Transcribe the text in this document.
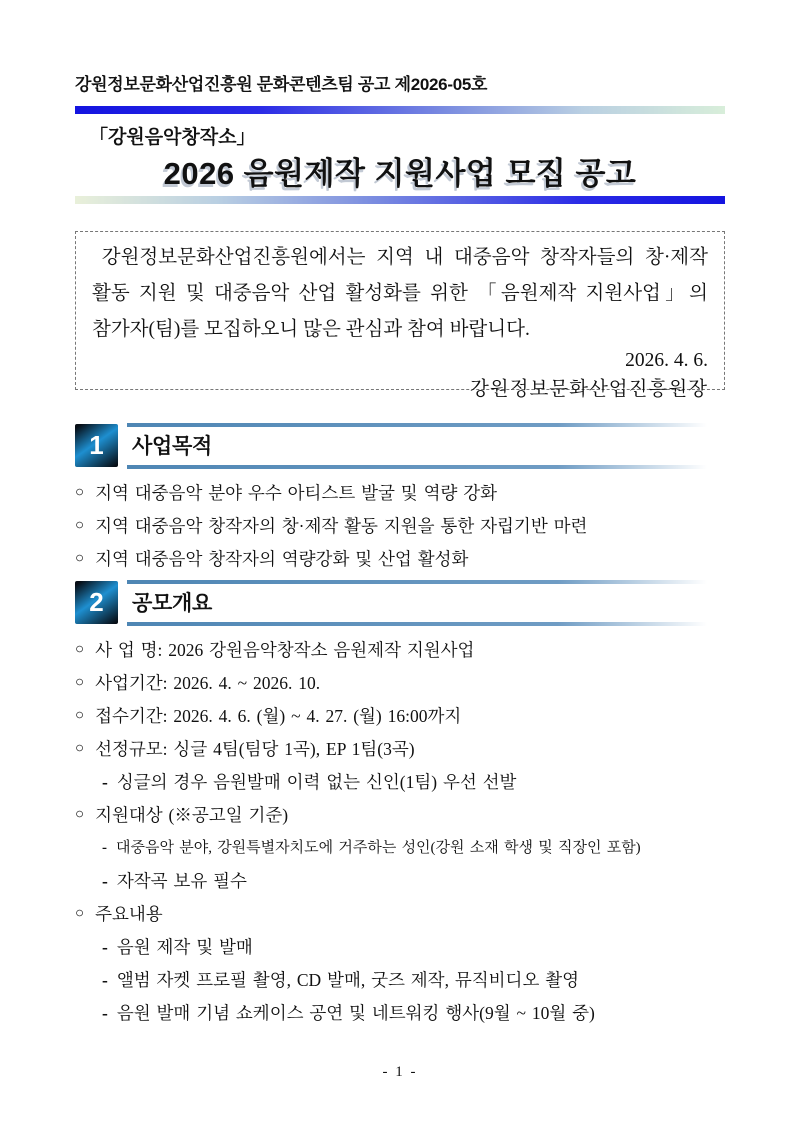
강원정보문화산업진흥원 문화콘텐츠팀 공고 제2026-05호
「강원음악창작소」
2026 음원제작 지원사업 모집 공고

강원정보문화산업진흥원에서는 지역 내 대중음악 창작자들의 창·제작 활동 지원 및 대중음악 산업 활성화를 위한 「음원제작 지원사업」의 참가자(팀)를 모집하오니 많은 관심과 참여 바랍니다.

2026. 4. 6.
강원정보문화산업진흥원장
1 사업목적
○ 지역 대중음악 분야 우수 아티스트 발굴 및 역량 강화
○ 지역 대중음악 창작자의 창·제작 활동 지원을 통한 자립기반 마련
○ 지역 대중음악 창작자의 역량강화 및 산업 활성화
2 공모개요
○ 사 업 명: 2026 강원음악창작소 음원제작 지원사업
○ 사업기간: 2026. 4. ~ 2026. 10.
○ 접수기간: 2026. 4. 6. (월) ~ 4. 27. (월) 16:00까지
○ 선정규모: 싱글 4팀(팀당 1곡), EP 1팀(3곡)
- 싱글의 경우 음원발매 이력 없는 신인(1팀) 우선 선발
○ 지원대상 (※공고일 기준)
- 대중음악 분야, 강원특별자치도에 거주하는 성인(강원 소재 학생 및 직장인 포함)
- 자작곡 보유 필수
○ 주요내용
- 음원 제작 및 발매
- 앨범 자켓 프로필 촬영, CD 발매, 굿즈 제작, 뮤직비디오 촬영
- 음원 발매 기념 쇼케이스 공연 및 네트워킹 행사(9월 ~ 10월 중)
- 1 -
